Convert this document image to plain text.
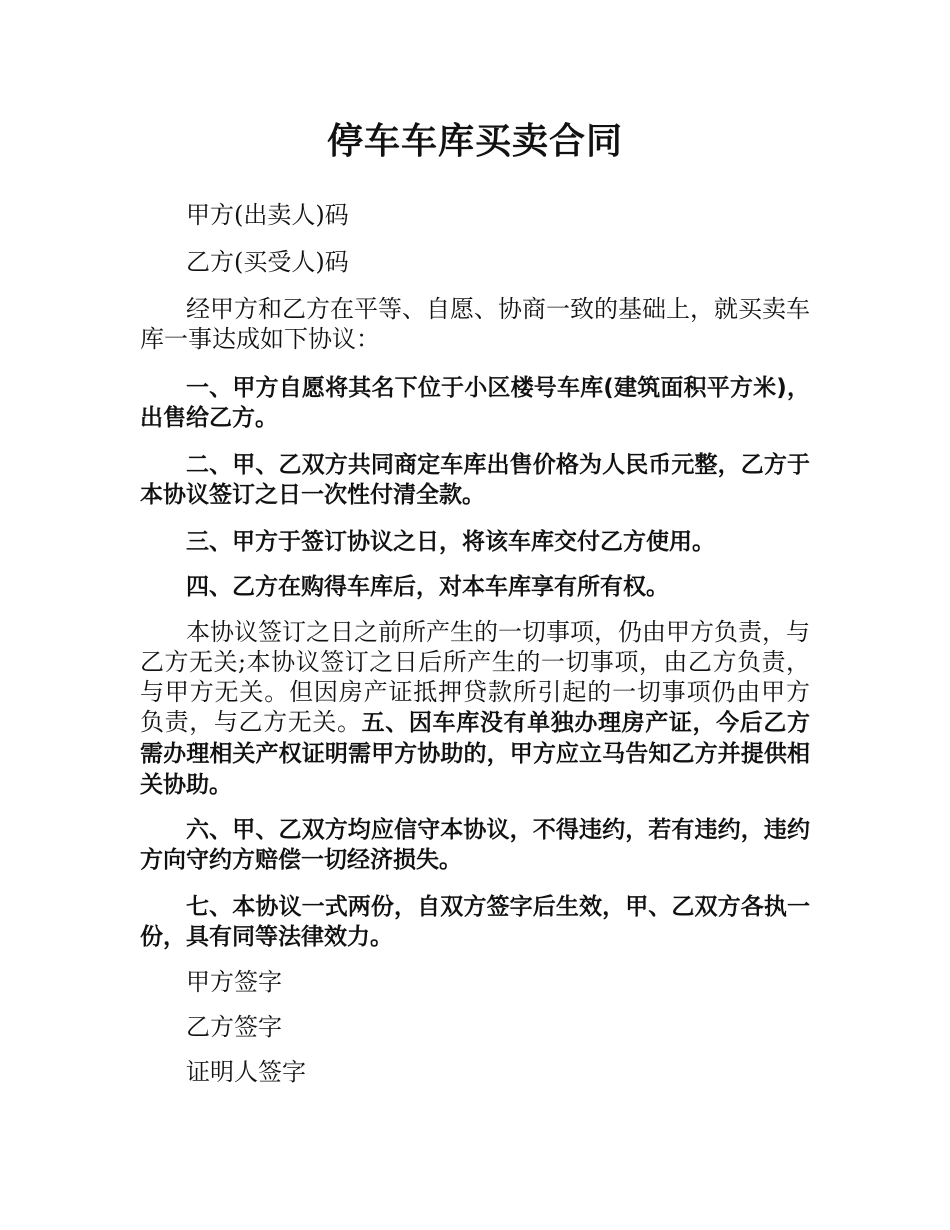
停车车库买卖合同

甲方(出卖人)码

乙方(买受人)码

经甲方和乙方在平等、自愿、协商一致的基础上，就买卖车库一事达成如下协议：

一、甲方自愿将其名下位于小区楼号车库(建筑面积平方米)，出售给乙方。

二、甲、乙双方共同商定车库出售价格为人民币元整，乙方于本协议签订之日一次性付清全款。

三、甲方于签订协议之日，将该车库交付乙方使用。

四、乙方在购得车库后，对本车库享有所有权。

本协议签订之日之前所产生的一切事项，仍由甲方负责，与乙方无关;本协议签订之日后所产生的一切事项，由乙方负责，与甲方无关。但因房产证抵押贷款所引起的一切事项仍由甲方负责，与乙方无关。五、因车库没有单独办理房产证，今后乙方需办理相关产权证明需甲方协助的，甲方应立马告知乙方并提供相关协助。

六、甲、乙双方均应信守本协议，不得违约，若有违约，违约方向守约方赔偿一切经济损失。

七、本协议一式两份，自双方签字后生效，甲、乙双方各执一份，具有同等法律效力。

甲方签字

乙方签字

证明人签字
